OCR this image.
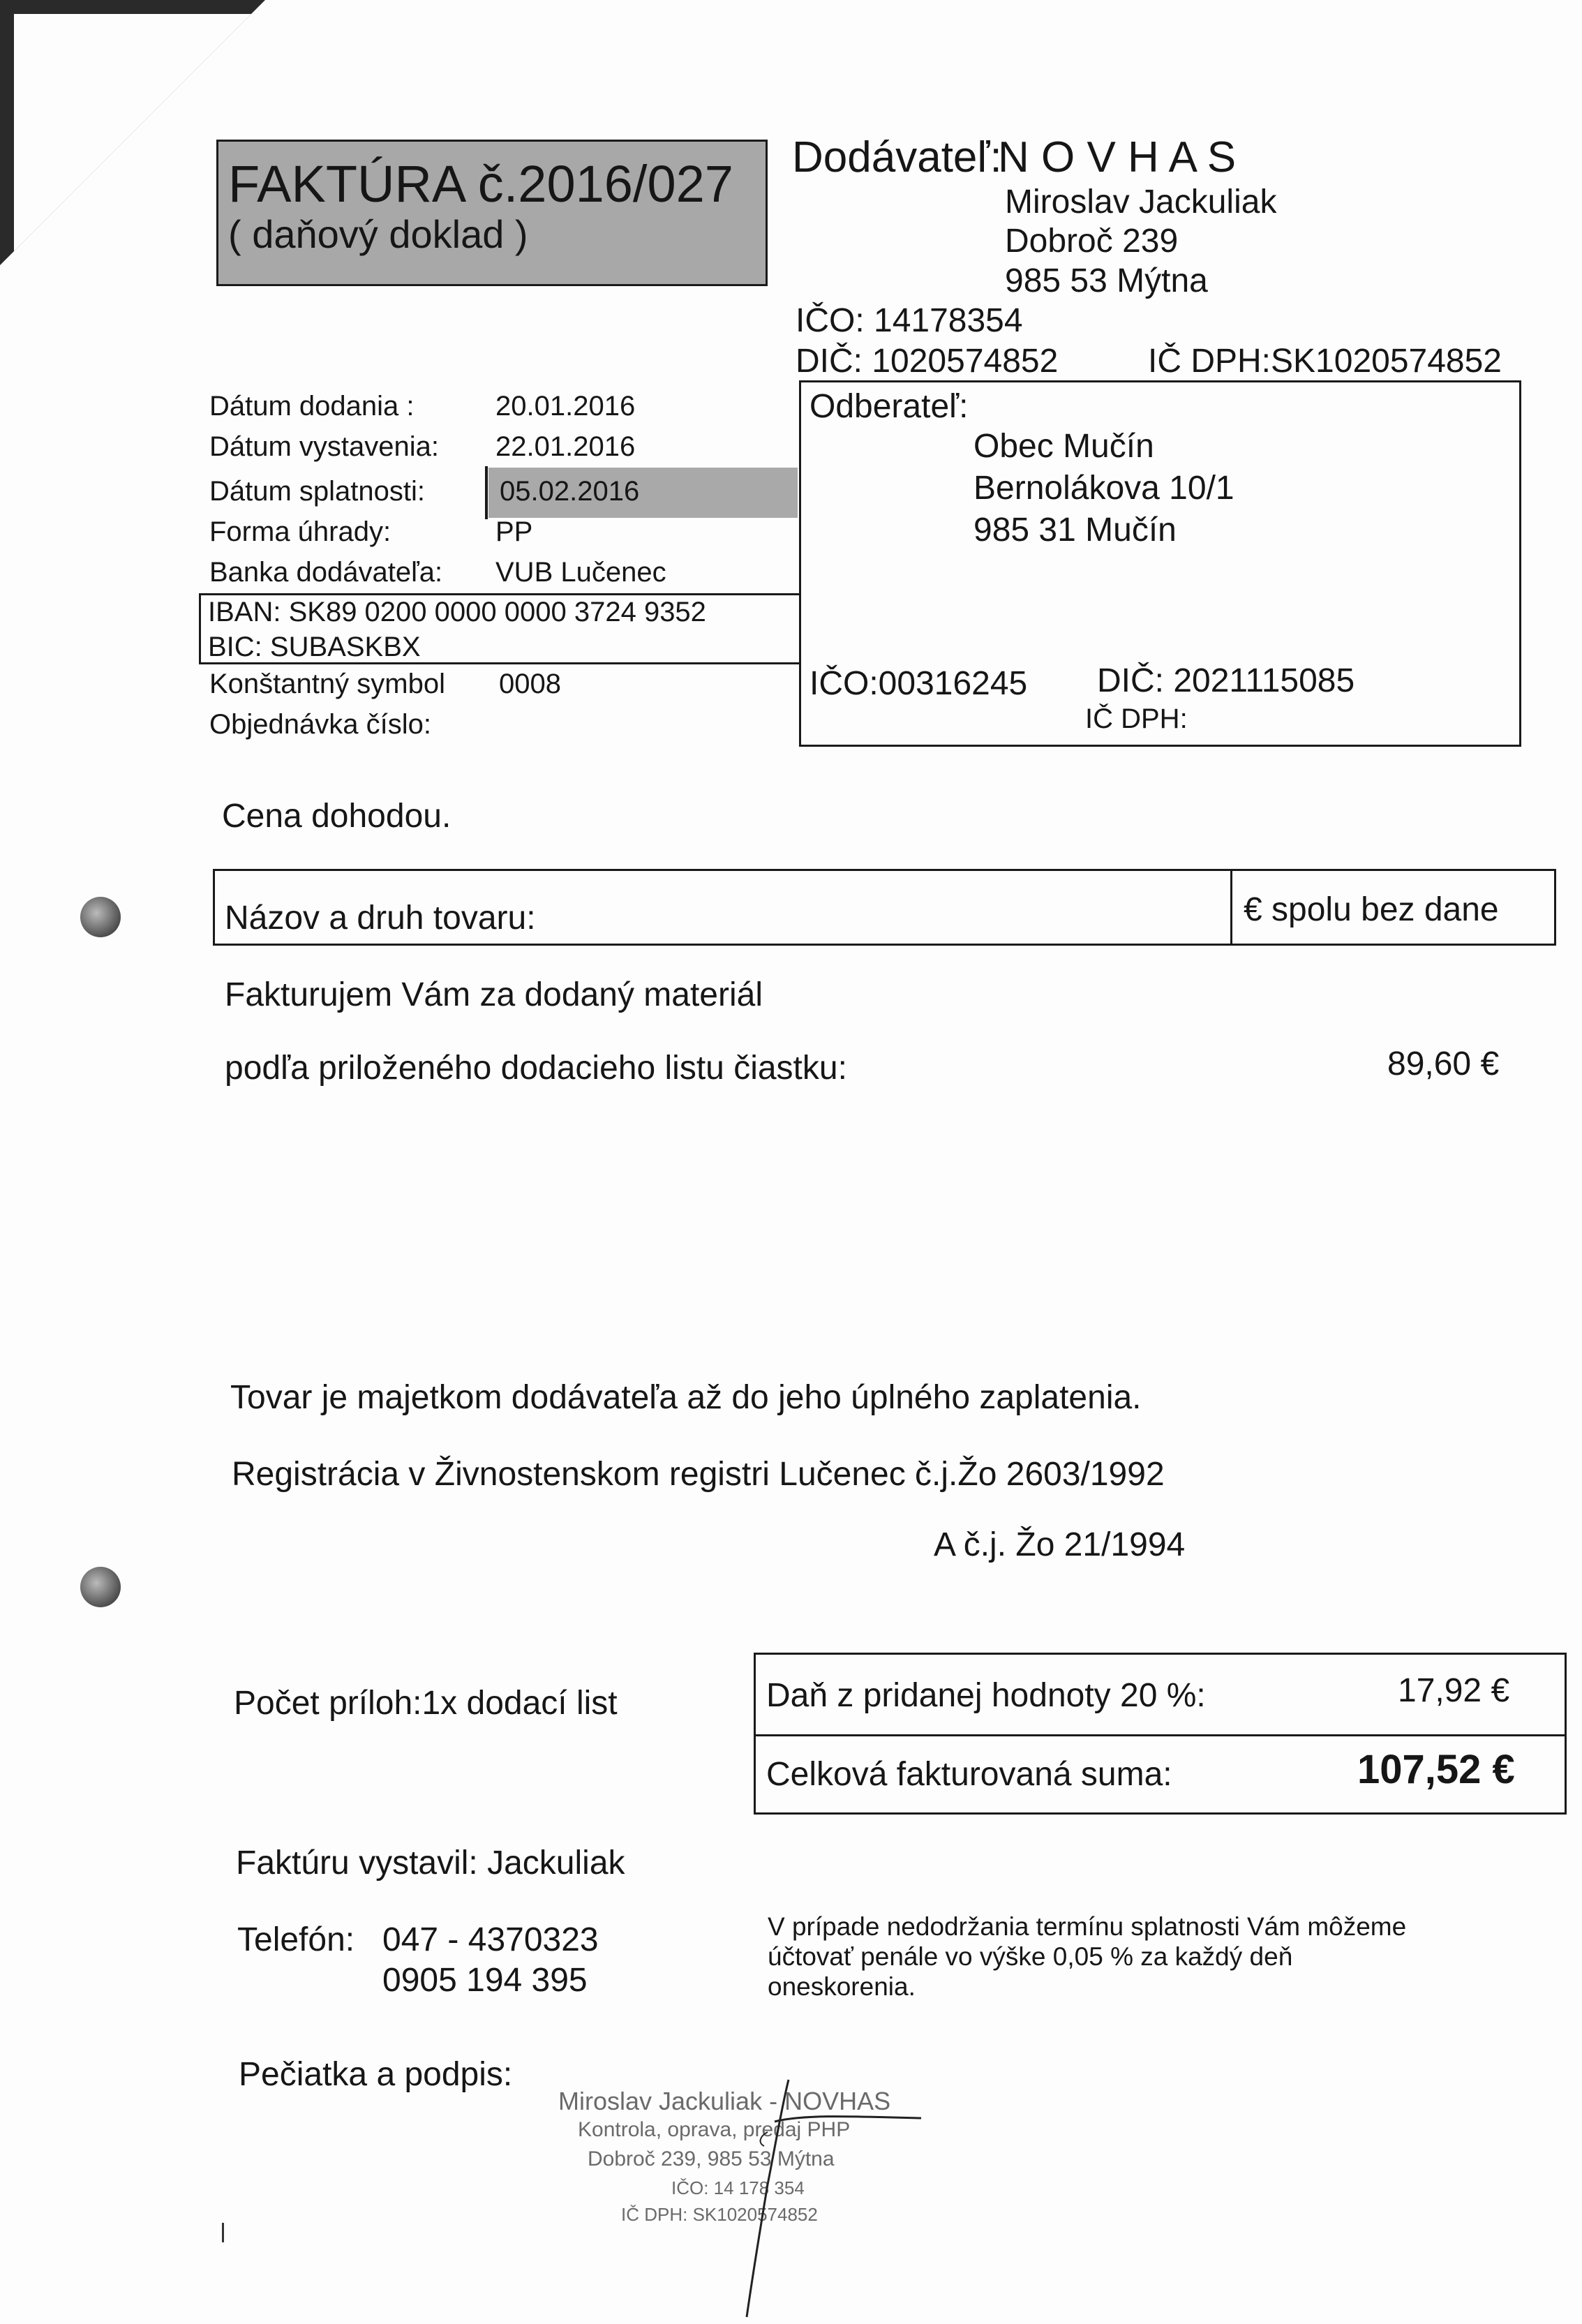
FAKTÚRA č.2016/027
( daňový doklad )
Dodávateľ:
N O V H A S
Miroslav Jackuliak
Dobroč 239
985 53 Mýtna
IČO: 14178354
DIČ: 1020574852	IČ DPH:SK1020574852
Odberateľ:
Obec Mučín
Bernolákova 10/1
985 31 Mučín
IČO:00316245 DIČ: 2021115085
IČ DPH:
Dátum dodania :	20.01.2016
Dátum vystavenia: 22.01.2016
Dátum splatnosti:	05.02.2016
Forma úhrady:	PP
Banka dodávateľa: VUB Lučenec
IBAN: SK89 0200 0000 0000 3724 9352
BIC: SUBASKBX
Konštantný symbol 0008
Objednávka číslo:
Cena dohodou.
Názov a druh tovaru:	€ spolu bez dane
Fakturujem Vám za dodaný materiál
podľa priloženého dodacieho listu čiastku:	89,60 €
Tovar je majetkom dodávateľa až do jeho úplného zaplatenia.
Registrácia v Živnostenskom registri Lučenec č.j.Žo 2603/1992
A č.j. Žo 21/1994
Počet príloh:1x dodací list	Daň z pridanej hodnoty 20 %:	17,92 €
Celková fakturovaná suma:	107,52 €
Faktúru vystavil: Jackuliak
Telefón: 047 - 4370323
0905 194 395
V prípade nedodržania termínu splatnosti Vám môžeme
účtovať penále vo výške 0,05 % za každý deň
oneskorenia.
Pečiatka a podpis:
Miroslav Jackuliak - NOVHAS
Kontrola, oprava, predaj PHP
Dobroč 239, 985 53 Mýtna
IČO: 14 178 354
IČ DPH: SK1020574852
